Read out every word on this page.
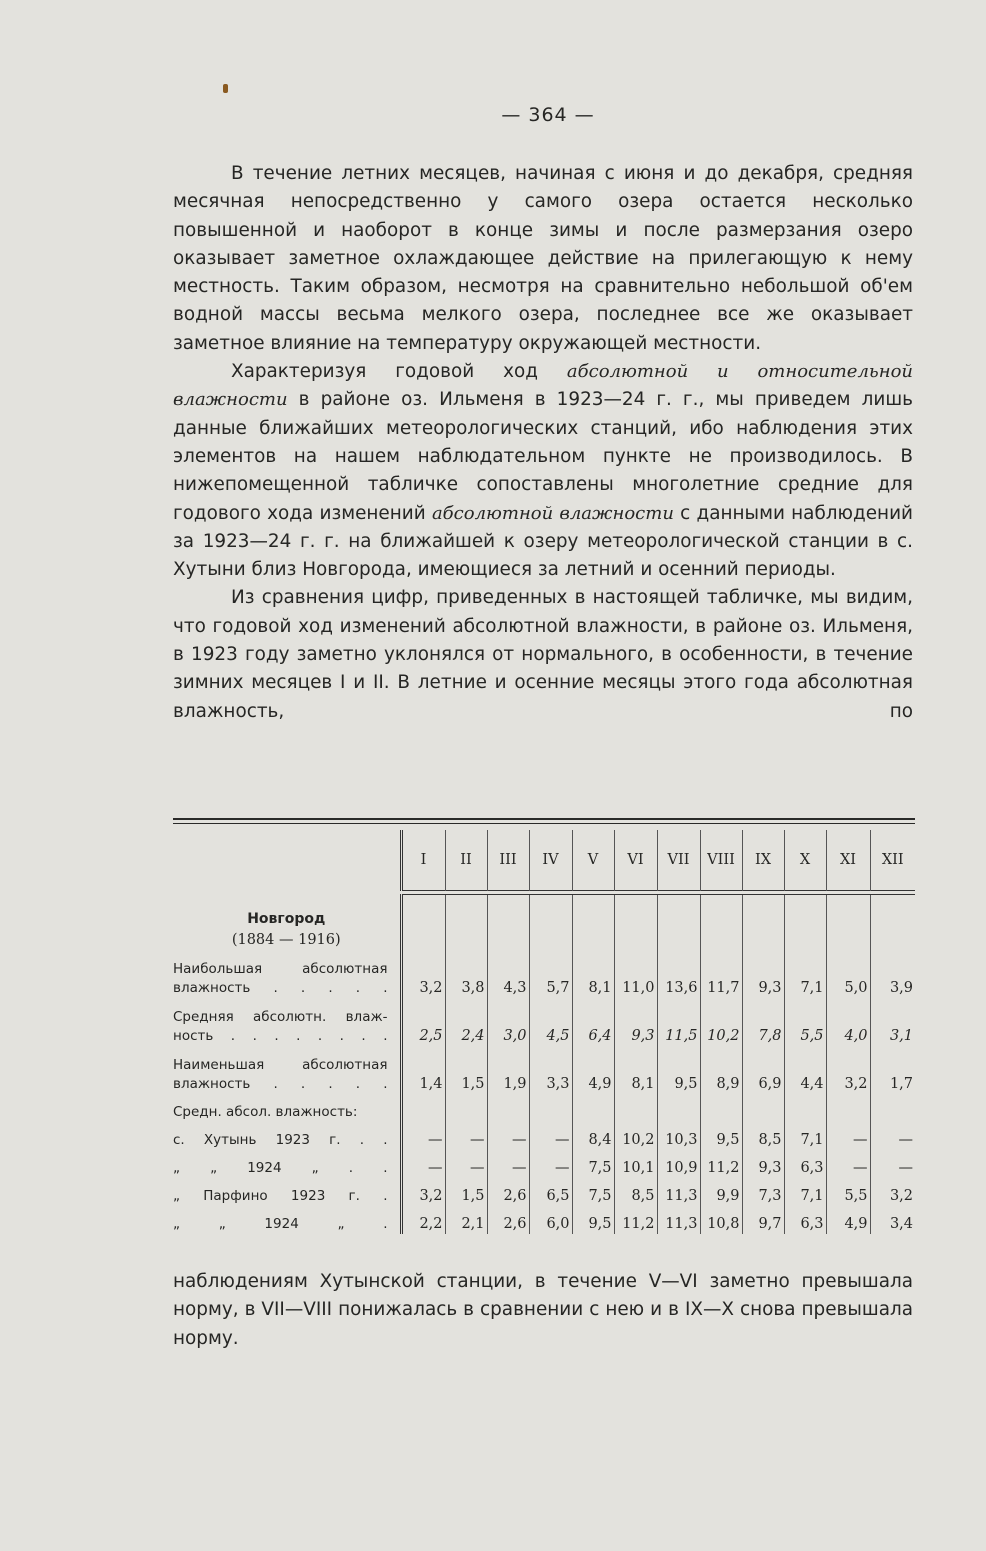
— 364 —

В течение летних месяцев, начиная с июня и до декабря, средняя месячная непосредственно у самого озера остается несколько повышенной и наоборот в конце зимы и после размерзания озеро оказывает заметное охлаждающее действие на прилегающую к нему местность. Таким образом, несмотря на сравнительно небольшой об'ем водной массы весьма мелкого озера, последнее все же оказывает заметное влияние на температуру окружающей местности.

Характеризуя годовой ход абсолютной и относительной влажности в районе оз. Ильменя в 1923—24 г. г., мы приведем лишь данные ближайших метеорологических станций, ибо наблюдения этих элементов на нашем наблюдательном пункте не производилось. В нижепомещенной табличке сопоставлены многолетние средние для годового хода изменений абсолютной влажности с данными наблюдений за 1923—24 г. г. на ближайшей к озеру метеорологической станции в с. Хутыни близ Новгорода, имеющиеся за летний и осенний периоды.

Из сравнения цифр, приведенных в настоящей табличке, мы видим, что годовой ход изменений абсолютной влажности, в районе оз. Ильменя, в 1923 году заметно уклонялся от нормального, в особенности, в течение зимних месяцев I и II. В летние и осенние месяцы этого года абсолютная влажность, по

	I	II	III	IV	V	VI	VII	VIII	IX	X	XI	XII

Новгород
(1884 — 1916)												

Наибольшая абсолютная
влажность . . . . .	3,2	3,8	4,3	5,7	8,1	11,0	13,6	11,7	9,3	7,1	5,0	3,9

Средняя абсолютн. влаж-
ность . . . . . . . .	2,5	2,4	3,0	4,5	6,4	9,3	11,5	10,2	7,8	5,5	4,0	3,1

Наименьшая абсолютная
влажность . . . . .	1,4	1,5	1,9	3,3	4,9	8,1	9,5	8,9	6,9	4,4	3,2	1,7
Средн. абсол. влажность:												

с. Хутынь 1923 г. . .	—	—	—	—	8,4	10,2	10,3	9,5	8,5	7,1	—	—

„ „ 1924 „ . .	—	—	—	—	7,5	10,1	10,9	11,2	9,3	6,3	—	—

„ Парфино 1923 г. .	3,2	1,5	2,6	6,5	7,5	8,5	11,3	9,9	7,3	7,1	5,5	3,2

„ „ 1924 „ .	2,2	2,1	2,6	6,0	9,5	11,2	11,3	10,8	9,7	6,3	4,9	3,4

наблюдениям Хутынской станции, в течение V—VI заметно превышала норму, в VII—VIII понижалась в сравнении с нею и в IX—X снова превышала норму.
